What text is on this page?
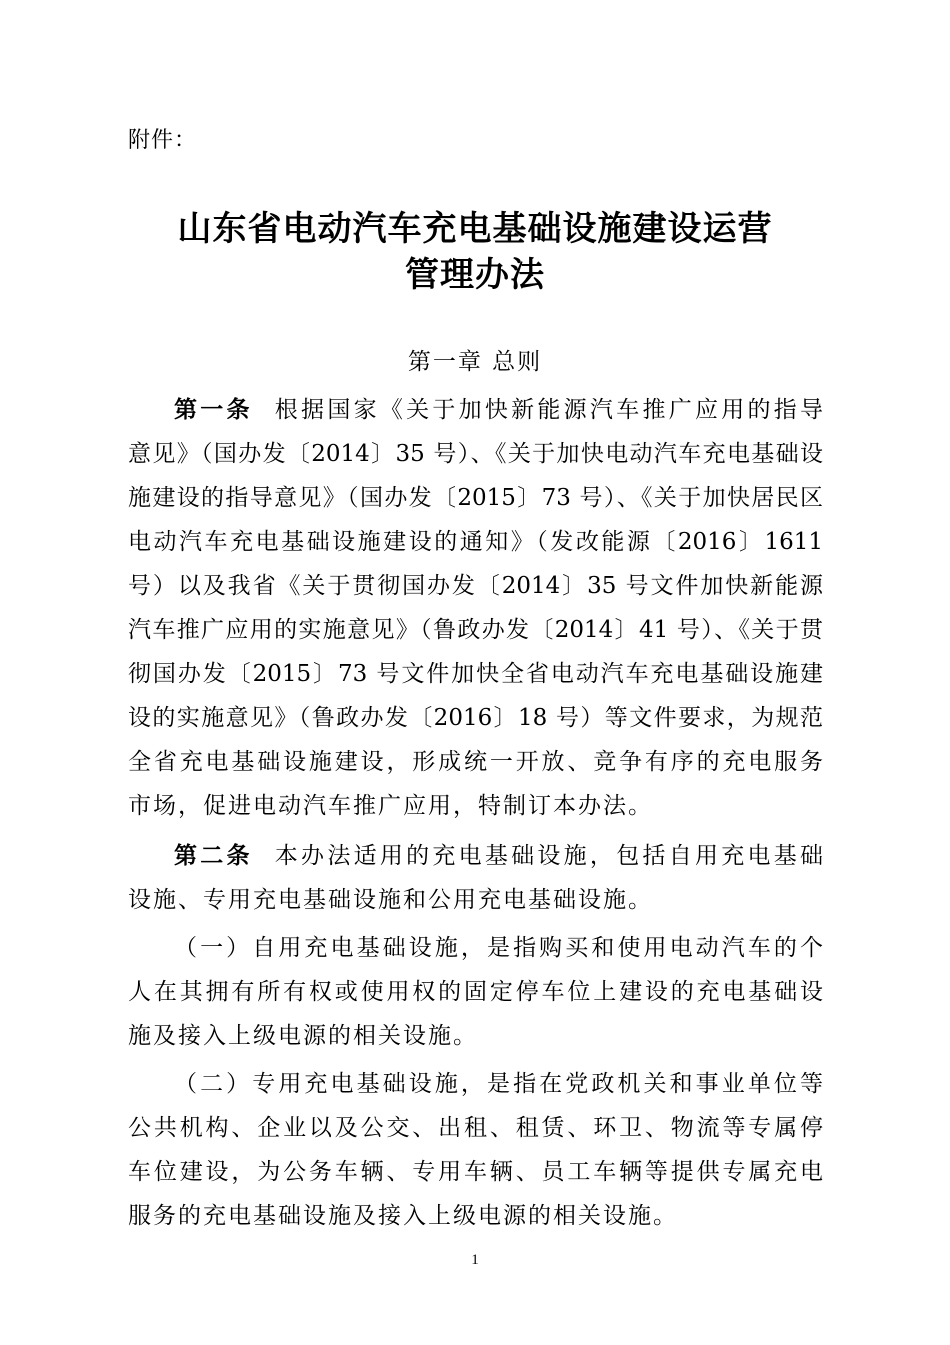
附件：
山东省电动汽车充电基础设施建设运营
管理办法
第一章 总则
第一条 根据国家《关于加快新能源汽车推广应用的指导
意见》（国办发〔2014〕35 号）、《关于加快电动汽车充电基础设
施建设的指导意见》（国办发〔2015〕73 号）、《关于加快居民区
电动汽车充电基础设施建设的通知》（发改能源〔2016〕1611
号）以及我省《关于贯彻国办发〔2014〕35 号文件加快新能源
汽车推广应用的实施意见》（鲁政办发〔2014〕41 号）、《关于贯
彻国办发〔2015〕73 号文件加快全省电动汽车充电基础设施建
设的实施意见》（鲁政办发〔2016〕18 号）等文件要求，为规范
全省充电基础设施建设，形成统一开放、竞争有序的充电服务
市场，促进电动汽车推广应用，特制订本办法。
第二条 本办法适用的充电基础设施，包括自用充电基础
设施、专用充电基础设施和公用充电基础设施。
（一）自用充电基础设施，是指购买和使用电动汽车的个
人在其拥有所有权或使用权的固定停车位上建设的充电基础设
施及接入上级电源的相关设施。
（二）专用充电基础设施，是指在党政机关和事业单位等
公共机构、企业以及公交、出租、租赁、环卫、物流等专属停
车位建设，为公务车辆、专用车辆、员工车辆等提供专属充电
服务的充电基础设施及接入上级电源的相关设施。
1
